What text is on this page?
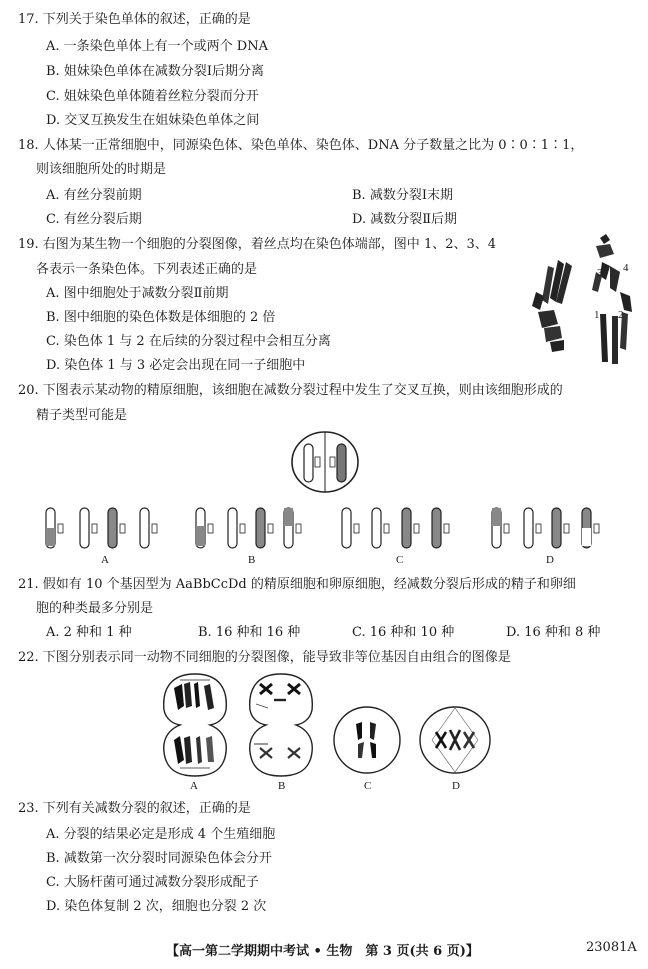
17. 下列关于染色单体的叙述，正确的是
A. 一条染色单体上有一个或两个 DNA
B. 姐妹染色单体在减数分裂Ⅰ后期分离
C. 姐妹染色单体随着丝粒分裂而分开
D. 交叉互换发生在姐妹染色单体之间
18. 人体某一正常细胞中，同源染色体、染色单体、染色体、DNA 分子数量之比为 0∶0∶1∶1，
则该细胞所处的时期是
A. 有丝分裂前期	B. 减数分裂Ⅰ末期
C. 有丝分裂后期	D. 减数分裂Ⅱ后期
19. 右图为某生物一个细胞的分裂图像，着丝点均在染色体端部，图中 1、2、3、4
各表示一条染色体。下列表述正确的是
A. 图中细胞处于减数分裂Ⅱ前期
B. 图中细胞的染色体数是体细胞的 2 倍
C. 染色体 1 与 2 在后续的分裂过程中会相互分离
D. 染色体 1 与 3 必定会出现在同一子细胞中
3 4
1 2
20. 下图表示某动物的精原细胞，该细胞在减数分裂过程中发生了交叉互换，则由该细胞形成的
精子类型可能是
A	B	C	D
21. 假如有 10 个基因型为 AaBbCcDd 的精原细胞和卵原细胞，经减数分裂后形成的精子和卵细
胞的种类最多分别是
A. 2 种和 1 种	B. 16 种和 16 种	C. 16 种和 10 种	D. 16 种和 8 种
22. 下图分别表示同一动物不同细胞的分裂图像，能导致非等位基因自由组合的图像是
A	B	C	D
23. 下列有关减数分裂的叙述，正确的是
A. 分裂的结果必定是形成 4 个生殖细胞
B. 减数第一次分裂时同源染色体会分开
C. 大肠杆菌可通过减数分裂形成配子
D. 染色体复制 2 次，细胞也分裂 2 次
【高一第二学期期中考试 • 生物　第 3 页(共 6 页)】	23081A
